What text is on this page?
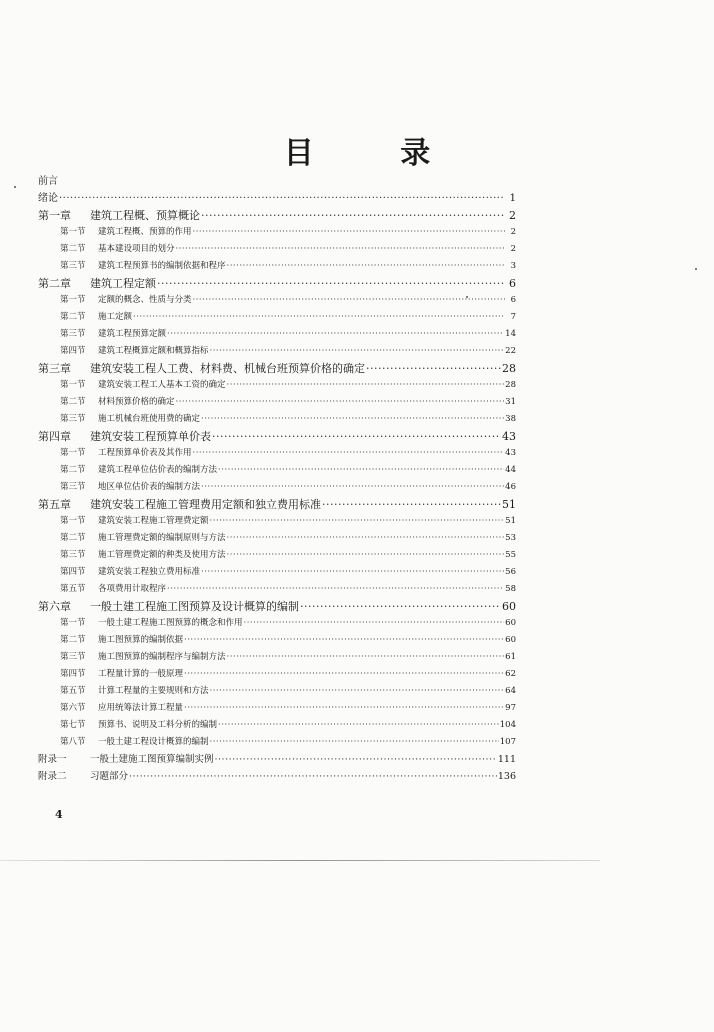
目 录
前言
绪论 ·····	1
第一章	建筑工程概、预算概论 ·····	2
第一节	建筑工程概、预算的作用 ·····	2
第二节	基本建设项目的划分 ·····	2
第三节	建筑工程预算书的编制依据和程序 ·····	3
第二章	建筑工程定额 ·····	6
第一节	定额的概念、性质与分类 ·····	6
第二节	施工定额 ·····	7
第三节	建筑工程预算定额 ·····	14
第四节	建筑工程概算定额和概算指标 ·····	22
第三章	建筑安装工程人工费、材料费、机械台班预算价格的确定 ·····	28
第一节	建筑安装工程工人基本工资的确定 ·····	28
第二节	材料预算价格的确定 ·····	31
第三节	施工机械台班使用费的确定 ·····	38
第四章	建筑安装工程预算单价表 ·····	43
第一节	工程预算单价表及其作用 ·····	43
第二节	建筑工程单位估价表的编制方法 ·····	44
第三节	地区单位估价表的编制方法 ·····	46
第五章	建筑安装工程施工管理费用定额和独立费用标准 ·····	51
第一节	建筑安装工程施工管理费定额 ·····	51
第二节	施工管理费定额的编制原则与方法 ·····	53
第三节	施工管理费定额的种类及使用方法 ·····	55
第四节	建筑安装工程独立费用标准 ·····	56
第五节	各项费用计取程序 ·····	58
第六章	一般土建工程施工图预算及设计概算的编制 ·····	60
第一节	一般土建工程施工图预算的概念和作用 ·····	60
第二节	施工图预算的编制依据 ·····	60
第三节	施工图预算的编制程序与编制方法 ·····	61
第四节	工程量计算的一般原理 ·····	62
第五节	计算工程量的主要规则和方法 ·····	64
第六节	应用统筹法计算工程量 ·····	97
第七节	预算书、说明及工料分析的编制 ·····	104
第八节	一般土建工程设计概算的编制 ·····	107
附录一	一般土建施工图预算编制实例 ·····	111
附录二	习题部分 ·····	136
4
